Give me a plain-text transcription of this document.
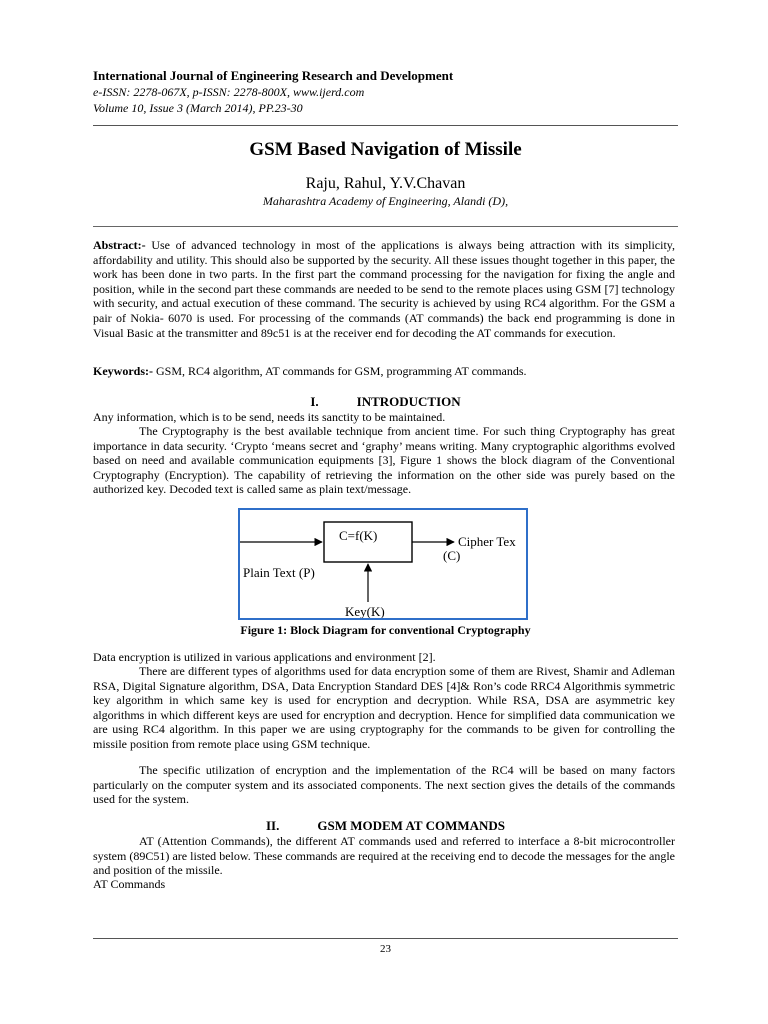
International Journal of Engineering Research and Development
e-ISSN: 2278-067X, p-ISSN: 2278-800X, www.ijerd.com
Volume 10, Issue 3 (March 2014), PP.23-30
GSM Based Navigation of Missile
Raju, Rahul, Y.V.Chavan
Maharashtra Academy of Engineering, Alandi (D),
Abstract:- Use of advanced technology in most of the applications is always being attraction with its simplicity, affordability and utility. This should also be supported by the security. All these issues thought together in this paper, the work has been done in two parts. In the first part the command processing for the navigation for fixing the angle and position, while in the second part these commands are needed to be send to the remote places using GSM [7] technology with security, and actual execution of these command. The security is achieved by using RC4 algorithm. For the GSM a pair of Nokia- 6070 is used. For processing of the commands (AT commands) the back end programming is done in Visual Basic at the transmitter and 89c51 is at the receiver end for decoding the AT commands for execution.
Keywords:- GSM, RC4 algorithm, AT commands for GSM, programming AT commands.
I.	INTRODUCTION
Any information, which is to be send, needs its sanctity to be maintained.
The Cryptography is the best available technique from ancient time. For such thing Cryptography has great importance in data security. ‘Crypto ‘means secret and ‘graphy’ means writing. Many cryptographic algorithms evolved based on need and available communication equipments [3], Figure 1 shows the block diagram of the Conventional Cryptography (Encryption). The capability of retrieving the information on the other side was purely based on the authorized key. Decoded text is called same as plain text/message.
C=f(K)	Cipher Tex
(C)
Plain Text (P)
Key(K)
Figure 1: Block Diagram for conventional Cryptography
Data encryption is utilized in various applications and environment [2].
There are different types of algorithms used for data encryption some of them are Rivest, Shamir and Adleman RSA, Digital Signature algorithm, DSA, Data Encryption Standard DES [4]& Ron’s code RRC4 Algorithmis symmetric key algorithm in which same key is used for encryption and decryption. While RSA, DSA are asymmetric key algorithms in which different keys are used for encryption and decryption. Hence for simplified data communication we are using RC4 algorithm. In this paper we are using cryptography for the commands to be given for controlling the missile position from remote place using GSM technique.
The specific utilization of encryption and the implementation of the RC4 will be based on many factors particularly on the computer system and its associated components. The next section gives the details of the commands used for the system.
II.	GSM MODEM AT COMMANDS
AT (Attention Commands), the different AT commands used and referred to interface a 8-bit microcontroller system (89C51) are listed below. These commands are required at the receiving end to decode the messages for the angle and position of the missile.
AT Commands
23
